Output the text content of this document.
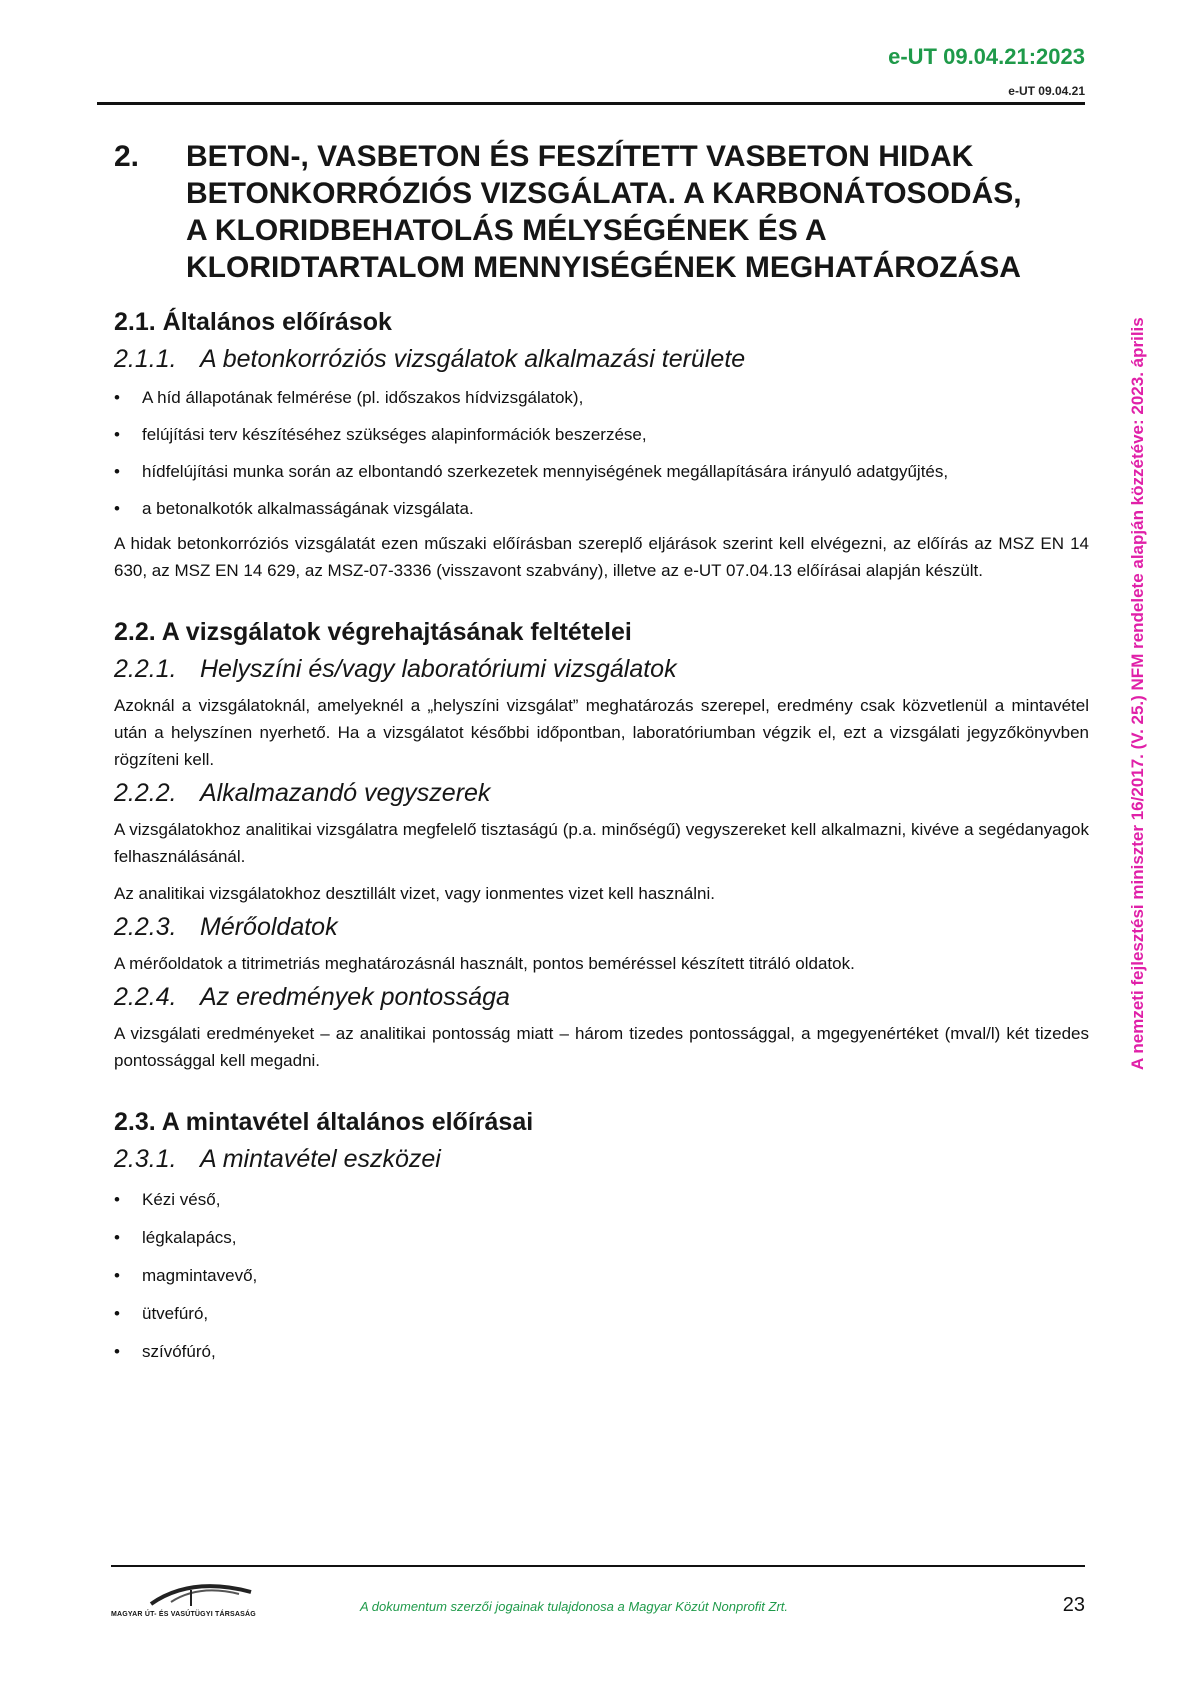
e-UT 09.04.21:2023
e-UT 09.04.21
A nemzeti fejlesztési miniszter 16/2017. (V. 25.) NFM rendelete alapján közzétéve: 2023. április
2.	BETON-, VASBETON ÉS FESZÍTETT VASBETON HIDAK
BETONKORRÓZIÓS VIZSGÁLATA. A KARBONÁTOSODÁS,
A KLORIDBEHATOLÁS MÉLYSÉGÉNEK ÉS A
KLORIDTARTALOM MENNYISÉGÉNEK MEGHATÁROZÁSA
2.1. Általános előírások
2.1.1. A betonkorróziós vizsgálatok alkalmazási területe
• A híd állapotának felmérése (pl. időszakos hídvizsgálatok),
• felújítási terv készítéséhez szükséges alapinformációk beszerzése,
• hídfelújítási munka során az elbontandó szerkezetek mennyiségének megállapítására irányuló adatgyűjtés,
• a betonalkotók alkalmasságának vizsgálata.

A hidak betonkorróziós vizsgálatát ezen műszaki előírásban szereplő eljárások szerint kell elvégezni, az előírás az MSZ EN 14 630, az MSZ EN 14 629, az MSZ-07-3336 (visszavont szabvány), illetve az e-UT 07.04.13 előírásai alapján készült.

2.2. A vizsgálatok végrehajtásának feltételei
2.2.1. Helyszíni és/vagy laboratóriumi vizsgálatok

Azoknál a vizsgálatoknál, amelyeknél a „helyszíni vizsgálat” meghatározás szerepel, eredmény csak közvetlenül a mintavétel után a helyszínen nyerhető. Ha a vizsgálatot későbbi időpontban, laboratóriumban végzik el, ezt a vizsgálati jegyzőkönyvben rögzíteni kell.

2.2.2. Alkalmazandó vegyszerek

A vizsgálatokhoz analitikai vizsgálatra megfelelő tisztaságú (p.a. minőségű) vegyszereket kell alkalmazni, kivéve a segédanyagok felhasználásánál.

Az analitikai vizsgálatokhoz desztillált vizet, vagy ionmentes vizet kell használni.

2.2.3. Mérőoldatok

A mérőoldatok a titrimetriás meghatározásnál használt, pontos beméréssel készített titráló oldatok.

2.2.4. Az eredmények pontossága

A vizsgálati eredményeket – az analitikai pontosság miatt – három tizedes pontossággal, a mgegyenértéket (mval/l) két tizedes pontossággal kell megadni.

2.3. A mintavétel általános előírásai
2.3.1. A mintavétel eszközei
• Kézi véső,
• légkalapács,
• magmintavevő,
• ütvefúró,
• szívófúró,
MAGYAR ÚT- ÉS VASÚTÜGYI TÁRSASÁG
A dokumentum szerzői jogainak tulajdonosa a Magyar Közút Nonprofit Zrt.	23
